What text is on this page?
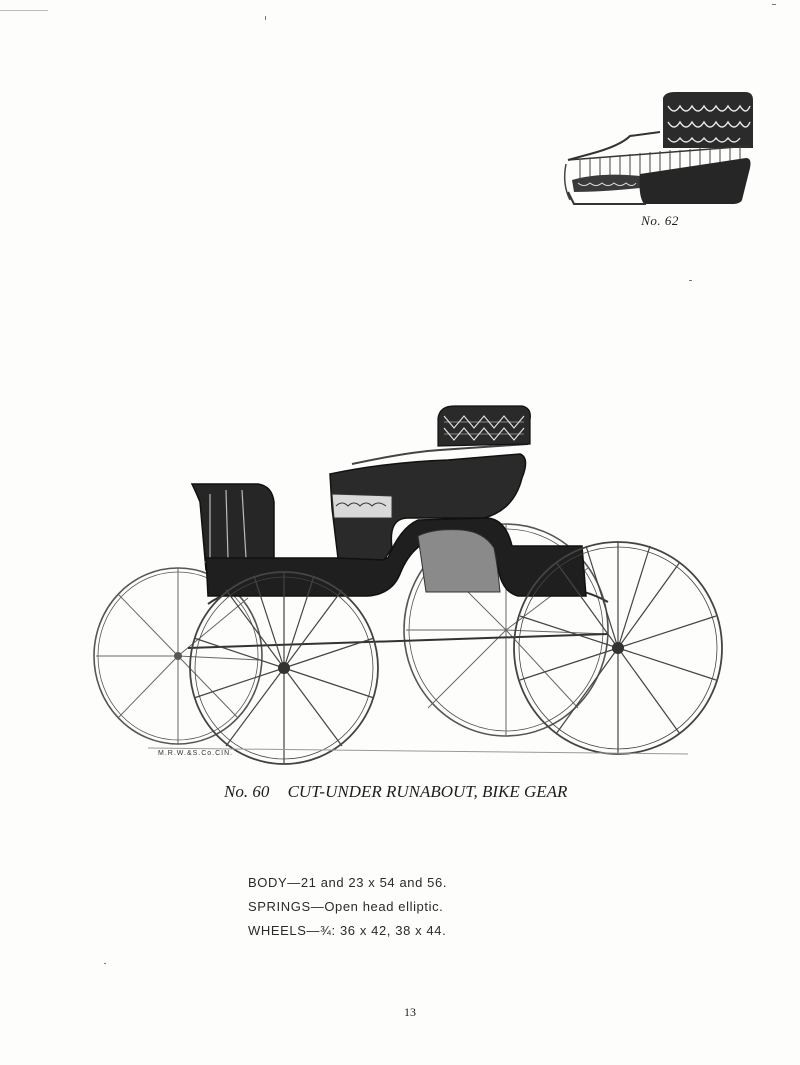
No. 62
M.R.W.&S.Co.CIN.
No. 60 CUT-UNDER RUNABOUT, BIKE GEAR
BODY—21 and 23 x 54 and 56.
SPRINGS—Open head elliptic.
WHEELS—¾: 36 x 42, 38 x 44.
13
